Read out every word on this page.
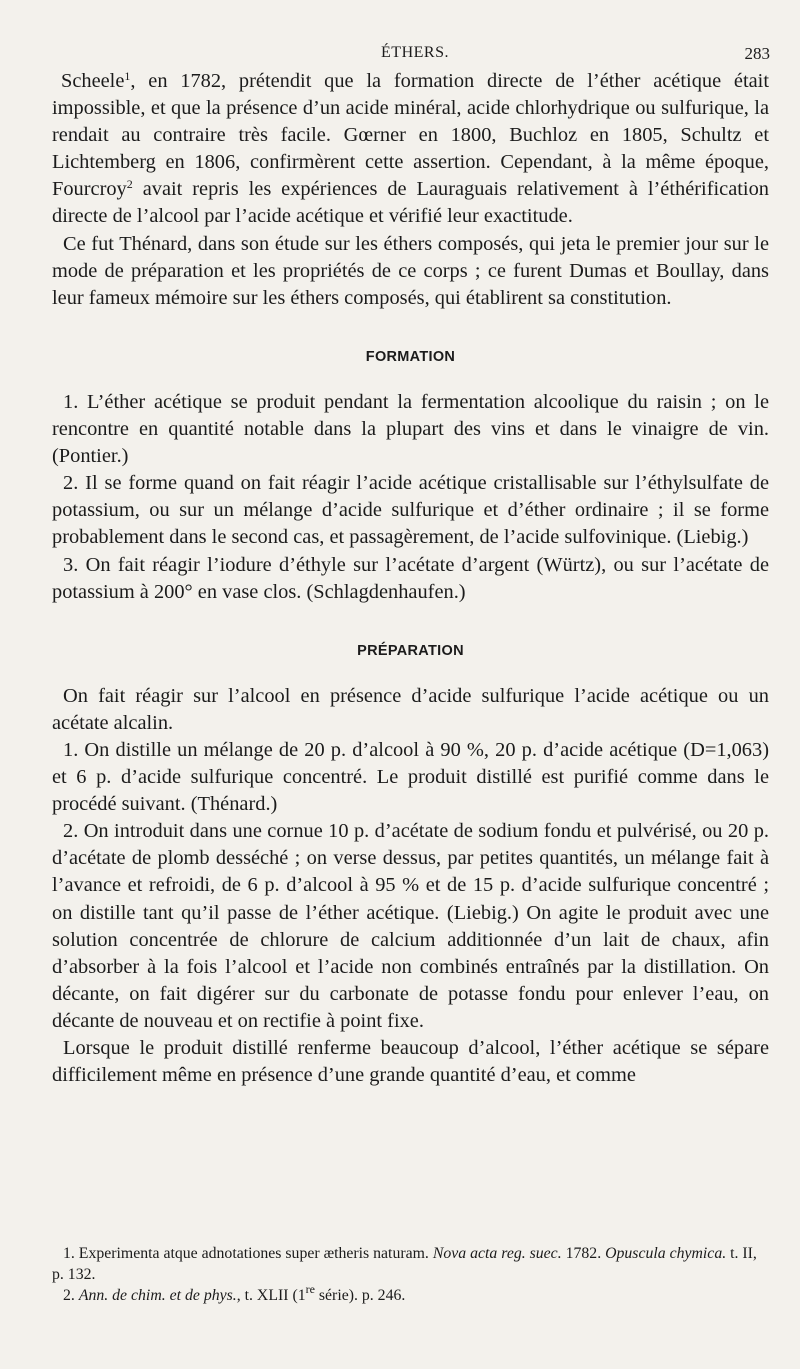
ÉTHERS.	283

Scheele$^1$, en 1782, prétendit que la formation directe de l’éther acétique était impossible, et que la présence d’un acide minéral, acide chlorhydrique ou sulfurique, la rendait au contraire très facile. Gœrner en 1800, Buchloz en 1805, Schultz et Lichtemberg en 1806, confirmèrent cette assertion. Cependant, à la même époque, Fourcroy$^2$ avait repris les expériences de Lauraguais relativement à l’éthérification directe de l’alcool par l’acide acétique et vérifié leur exactitude.

Ce fut Thénard, dans son étude sur les éthers composés, qui jeta le premier jour sur le mode de préparation et les propriétés de ce corps ; ce furent Dumas et Boullay, dans leur fameux mémoire sur les éthers composés, qui établirent sa constitution.

FORMATION

1. L’éther acétique se produit pendant la fermentation alcoolique du raisin ; on le rencontre en quantité notable dans la plupart des vins et dans le vinaigre de vin. (Pontier.)

2. Il se forme quand on fait réagir l’acide acétique cristallisable sur l’éthylsulfate de potassium, ou sur un mélange d’acide sulfurique et d’éther ordinaire ; il se forme probablement dans le second cas, et passagèrement, de l’acide sulfovinique. (Liebig.)

3. On fait réagir l’iodure d’éthyle sur l’acétate d’argent (Würtz), ou sur l’acétate de potassium à 200° en vase clos. (Schlagdenhaufen.)

PRÉPARATION

On fait réagir sur l’alcool en présence d’acide sulfurique l’acide acétique ou un acétate alcalin.

1. On distille un mélange de 20 p. d’alcool à 90 %, 20 p. d’acide acétique (D=1,063) et 6 p. d’acide sulfurique concentré. Le produit distillé est purifié comme dans le procédé suivant. (Thénard.)

2. On introduit dans une cornue 10 p. d’acétate de sodium fondu et pulvérisé, ou 20 p. d’acétate de plomb desséché ; on verse dessus, par petites quantités, un mélange fait à l’avance et refroidi, de 6 p. d’alcool à 95 % et de 15 p. d’acide sulfurique concentré ; on distille tant qu’il passe de l’éther acétique. (Liebig.) On agite le produit avec une solution concentrée de chlorure de calcium additionnée d’un lait de chaux, afin d’absorber à la fois l’alcool et l’acide non combinés entraînés par la distillation. On décante, on fait digérer sur du carbonate de potasse fondu pour enlever l’eau, on décante de nouveau et on rectifie à point fixe.

Lorsque le produit distillé renferme beaucoup d’alcool, l’éther acétique se sépare difficilement même en présence d’une grande quantité d’eau, et comme

1. Experimenta atque adnotationes super ætheris naturam. Nova acta reg. suec. 1782. Opuscula chymica. t. II, p. 132.

2. Ann. de chim. et de phys., t. XLII (1re série). p. 246.
